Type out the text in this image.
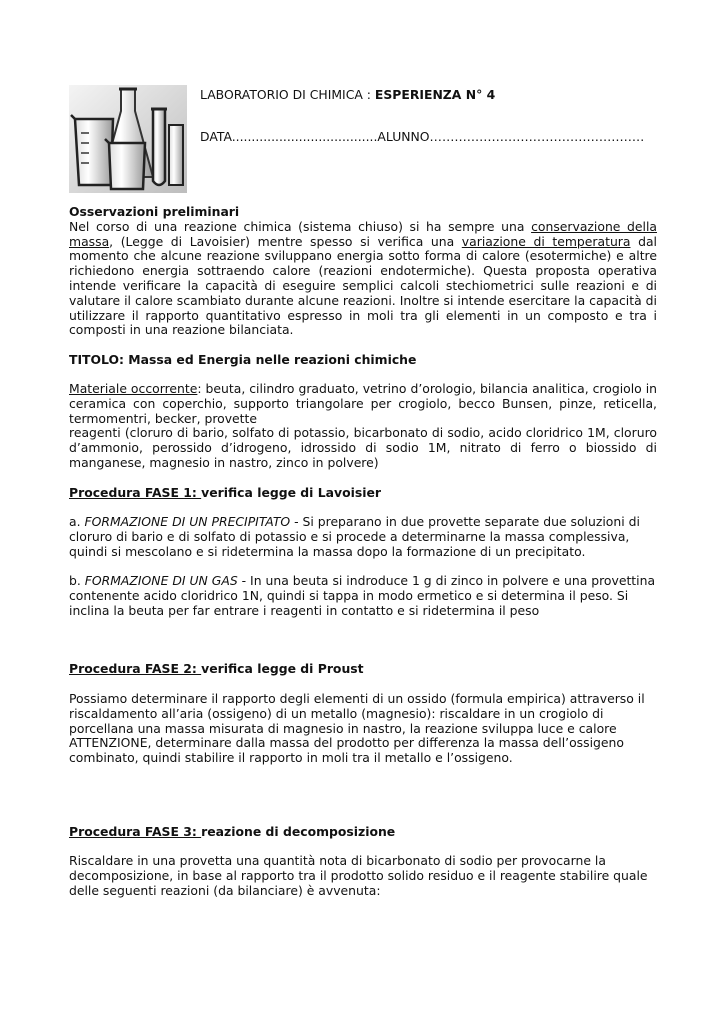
LABORATORIO DI CHIMICA : ESPERIENZA N° 4
DATA.....................................ALUNNO…………………………………………….
Osservazioni preliminari
Nel corso di una reazione chimica (sistema chiuso) si ha sempre una conservazione della massa, (Legge di Lavoisier) mentre spesso si verifica una variazione di temperatura dal momento che alcune reazione sviluppano energia sotto forma di calore (esotermiche) e altre richiedono energia sottraendo calore (reazioni endotermiche). Questa proposta operativa intende verificare la capacità di eseguire semplici calcoli stechiometrici sulle reazioni e di valutare il calore scambiato durante alcune reazioni. Inoltre si intende esercitare la capacità di utilizzare il rapporto quantitativo espresso in moli tra gli elementi in un composto e tra i composti in una reazione bilanciata.
TITOLO: Massa ed Energia nelle reazioni chimiche
Materiale occorrente: beuta, cilindro graduato, vetrino d’orologio, bilancia analitica, crogiolo in ceramica con coperchio, supporto triangolare per crogiolo, becco Bunsen, pinze, reticella, termomentri, becker, provette
reagenti (cloruro di bario, solfato di potassio, bicarbonato di sodio, acido cloridrico 1M, cloruro d’ammonio, perossido d’idrogeno, idrossido di sodio 1M, nitrato di ferro o biossido di manganese, magnesio in nastro, zinco in polvere)
Procedura FASE 1: verifica legge di Lavoisier
a. FORMAZIONE DI UN PRECIPITATO - Si preparano in due provette separate due soluzioni di cloruro di bario e di solfato di potassio e si procede a determinarne la massa complessiva, quindi si mescolano e si ridetermina la massa dopo la formazione di un precipitato.
b. FORMAZIONE DI UN GAS - In una beuta si indroduce 1 g di zinco in polvere e una provettina contenente acido cloridrico 1N, quindi si tappa in modo ermetico e si determina il peso. Si inclina la beuta per far entrare i reagenti in contatto e si ridetermina il peso
Procedura FASE 2: verifica legge di Proust
Possiamo determinare il rapporto degli elementi di un ossido (formula empirica) attraverso il riscaldamento all’aria (ossigeno) di un metallo (magnesio): riscaldare in un crogiolo di porcellana una massa misurata di magnesio in nastro, la reazione sviluppa luce e calore ATTENZIONE, determinare dalla massa del prodotto per differenza la massa dell’ossigeno combinato, quindi stabilire il rapporto in moli tra il metallo e l’ossigeno.
Procedura FASE 3: reazione di decomposizione
Riscaldare in una provetta una quantità nota di bicarbonato di sodio per provocarne la decomposizione, in base al rapporto tra il prodotto solido residuo e il reagente stabilire quale delle seguenti reazioni (da bilanciare) è avvenuta:
